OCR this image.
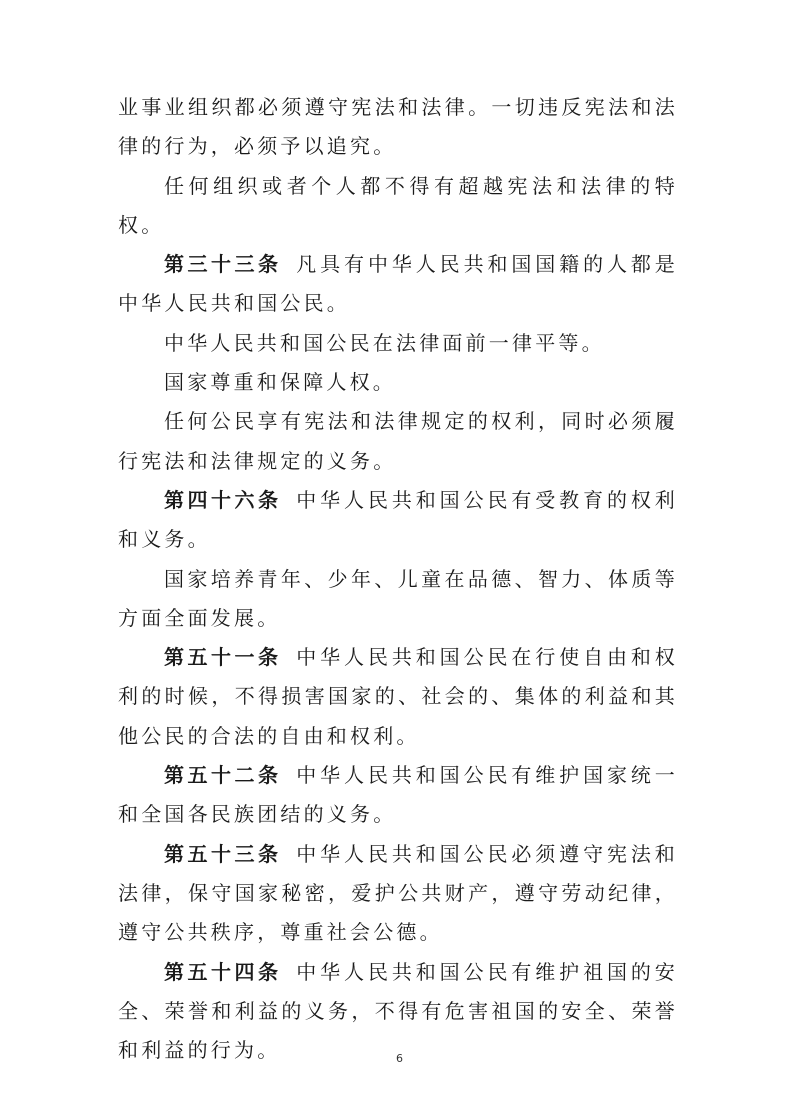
业事业组织都必须遵守宪法和法律。一切违反宪法和法律的行为，必须予以追究。

任何组织或者个人都不得有超越宪法和法律的特权。

第三十三条 凡具有中华人民共和国国籍的人都是中华人民共和国公民。

中华人民共和国公民在法律面前一律平等。

国家尊重和保障人权。

任何公民享有宪法和法律规定的权利，同时必须履行宪法和法律规定的义务。

第四十六条 中华人民共和国公民有受教育的权利和义务。

国家培养青年、少年、儿童在品德、智力、体质等方面全面发展。

第五十一条 中华人民共和国公民在行使自由和权利的时候，不得损害国家的、社会的、集体的利益和其他公民的合法的自由和权利。

第五十二条 中华人民共和国公民有维护国家统一和全国各民族团结的义务。

第五十三条 中华人民共和国公民必须遵守宪法和法律，保守国家秘密，爱护公共财产，遵守劳动纪律，遵守公共秩序，尊重社会公德。

第五十四条 中华人民共和国公民有维护祖国的安全、荣誉和利益的义务，不得有危害祖国的安全、荣誉和利益的行为。	6
